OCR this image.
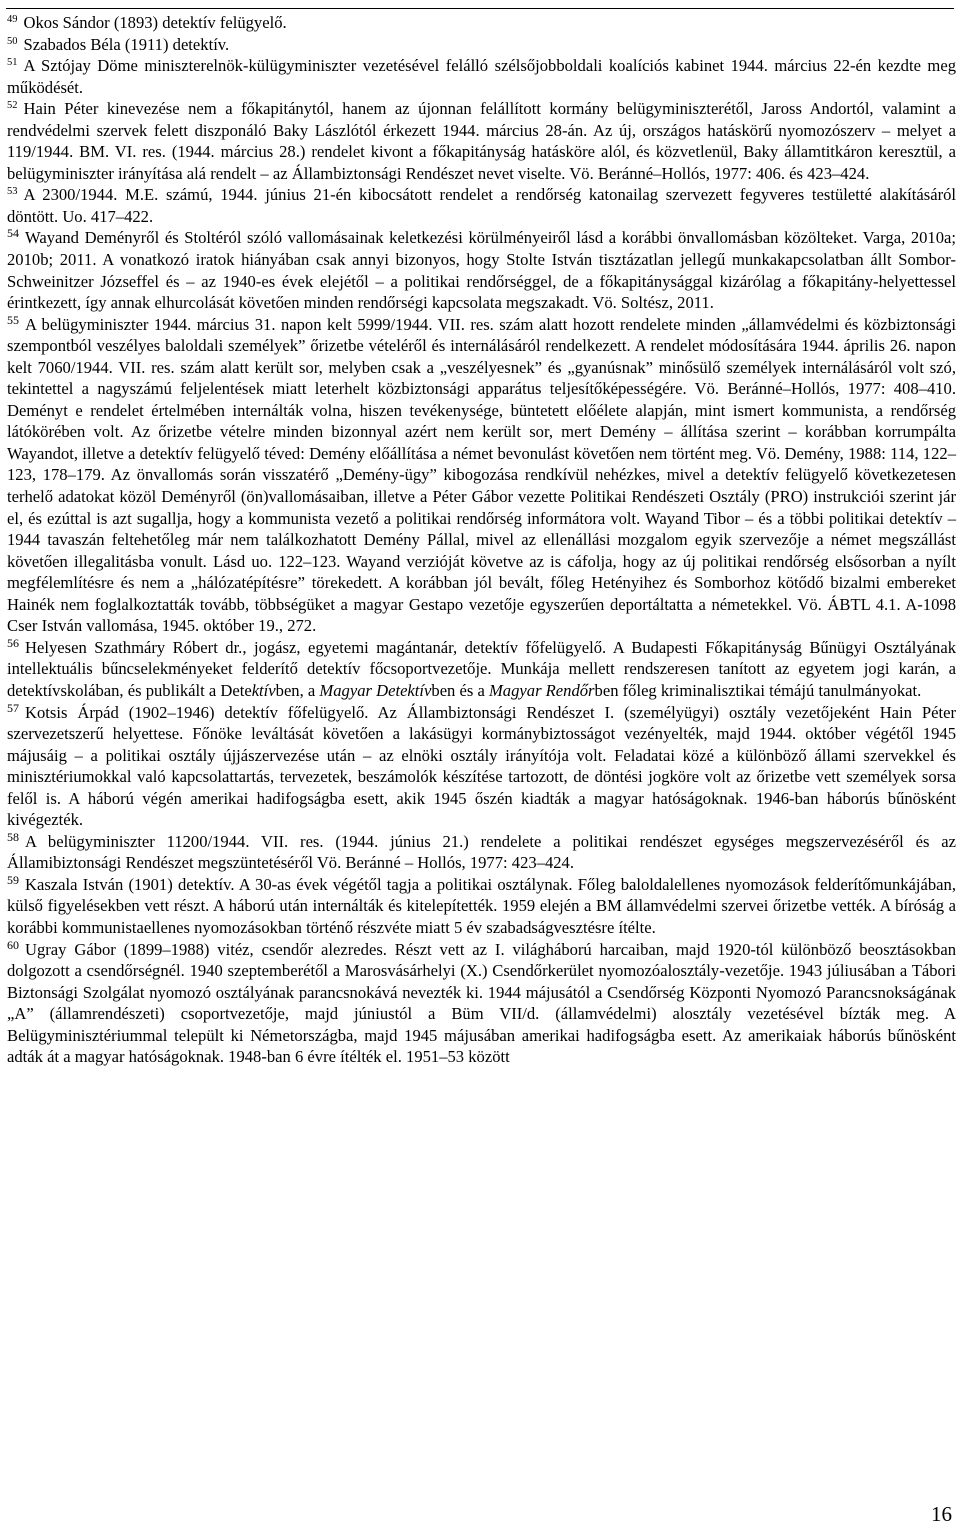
$^{49}$ Okos Sándor (1893) detektív felügyelő.

$^{50}$ Szabados Béla (1911) detektív.

$^{51}$ A Sztójay Döme miniszterelnök-külügyminiszter vezetésével felálló szélsőjobboldali koalíciós kabinet 1944. március 22-én kezdte meg működését.

$^{52}$ Hain Péter kinevezése nem a főkapitánytól, hanem az újonnan felállított kormány belügyminiszterétől, Jaross Andortól, valamint a rendvédelmi szervek felett diszponáló Baky Lászlótól érkezett 1944. március 28-án. Az új, országos hatáskörű nyomozószerv – melyet a 119/1944. BM. VI. res. (1944. március 28.) rendelet kivont a főkapitányság hatásköre alól, és közvetlenül, Baky államtitkáron keresztül, a belügyminiszter irányítása alá rendelt – az Állambiztonsági Rendészet nevet viselte. Vö. Beránné–Hollós, 1977: 406. és 423–424.

$^{53}$ A 2300/1944. M.E. számú, 1944. június 21-én kibocsátott rendelet a rendőrség katonailag szervezett fegyveres testületté alakításáról döntött. Uo. 417–422.

$^{54}$ Wayand Deményről és Stoltéról szóló vallomásainak keletkezési körülményeiről lásd a korábbi önvallomásban közölteket. Varga, 2010a; 2010b; 2011. A vonatkozó iratok hiányában csak annyi bizonyos, hogy Stolte István tisztázatlan jellegű munkakapcsolatban állt Sombor-Schweinitzer Józseffel és – az 1940-es évek elejétől – a politikai rendőrséggel, de a főkapitánysággal kizárólag a főkapitány-helyettessel érintkezett, így annak elhurcolását követően minden rendőrségi kapcsolata megszakadt. Vö. Soltész, 2011.

$^{55}$ A belügyminiszter 1944. március 31. napon kelt 5999/1944. VII. res. szám alatt hozott rendelete minden „államvédelmi és közbiztonsági szempontból veszélyes baloldali személyek” őrizetbe vételéről és internálásáról rendelkezett. A rendelet módosítására 1944. április 26. napon kelt 7060/1944. VII. res. szám alatt került sor, melyben csak a „veszélyesnek” és „gyanúsnak” minősülő személyek internálásáról volt szó, tekintettel a nagyszámú feljelentések miatt leterhelt közbiztonsági apparátus teljesítőképességére. Vö. Beránné–Hollós, 1977: 408–410. Deményt e rendelet értelmében internálták volna, hiszen tevékenysége, büntetett előélete alapján, mint ismert kommunista, a rendőrség látókörében volt. Az őrizetbe vételre minden bizonnyal azért nem került sor, mert Demény – állítása szerint – korábban korrumpálta Wayandot, illetve a detektív felügyelő téved: Demény előállítása a német bevonulást követően nem történt meg. Vö. Demény, 1988: 114, 122–123, 178–179. Az önvallomás során visszatérő „Demény-ügy” kibogozása rendkívül nehézkes, mivel a detektív felügyelő következetesen terhelő adatokat közöl Deményről (ön)vallomásaiban, illetve a Péter Gábor vezette Politikai Rendészeti Osztály (PRO) instrukciói szerint jár el, és ezúttal is azt sugallja, hogy a kommunista vezető a politikai rendőrség informátora volt. Wayand Tibor – és a többi politikai detektív – 1944 tavaszán feltehetőleg már nem találkozhatott Demény Pállal, mivel az ellenállási mozgalom egyik szervezője a német megszállást követően illegalitásba vonult. Lásd uo. 122–123. Wayand verzióját követve az is cáfolja, hogy az új politikai rendőrség elsősorban a nyílt megfélemlítésre és nem a „hálózatépítésre” törekedett. A korábban jól bevált, főleg Hetényihez és Somborhoz kötődő bizalmi embereket Hainék nem foglalkoztatták tovább, többségüket a magyar Gestapo vezetője egyszerűen deportáltatta a németekkel. Vö. ÁBTL 4.1. A-1098 Cser István vallomása, 1945. október 19., 272.

$^{56}$ Helyesen Szathmáry Róbert dr., jogász, egyetemi magántanár, detektív főfelügyelő. A Budapesti Főkapitányság Bűnügyi Osztályának intellektuális bűncselekményeket felderítő detektív főcsoportvezetője. Munkája mellett rendszeresen tanított az egyetem jogi karán, a detektívskolában, és publikált a Detektívben, a Magyar Detektívben és a Magyar Rendőrben főleg kriminalisztikai témájú tanulmányokat.

$^{57}$ Kotsis Árpád (1902–1946) detektív főfelügyelő. Az Állambiztonsági Rendészet I. (személyügyi) osztály vezetőjeként Hain Péter szervezetszerű helyettese. Főnöke leváltását követően a lakásügyi kormánybiztosságot vezényelték, majd 1944. október végétől 1945 májusáig – a politikai osztály újjászervezése után – az elnöki osztály irányítója volt. Feladatai közé a különböző állami szervekkel és minisztériumokkal való kapcsolattartás, tervezetek, beszámolók készítése tartozott, de döntési jogköre volt az őrizetbe vett személyek sorsa felől is. A háború végén amerikai hadifogságba esett, akik 1945 őszén kiadták a magyar hatóságoknak. 1946-ban háborús bűnösként kivégezték.

$^{58}$ A belügyminiszter 11200/1944. VII. res. (1944. június 21.) rendelete a politikai rendészet egységes megszervezéséről és az Államibiztonsági Rendészet megszüntetéséről Vö. Beránné – Hollós, 1977: 423–424.

$^{59}$ Kaszala István (1901) detektív. A 30-as évek végétől tagja a politikai osztálynak. Főleg baloldalellenes nyomozások felderítőmunkájában, külső figyelésekben vett részt. A háború után internálták és kitelepítették. 1959 elején a BM államvédelmi szervei őrizetbe vették. A bíróság a korábbi kommunistaellenes nyomozásokban történő részvéte miatt 5 év szabadságvesztésre ítélte.

$^{60}$ Ugray Gábor (1899–1988) vitéz, csendőr alezredes. Részt vett az I. világháború harcaiban, majd 1920-tól különböző beosztásokban dolgozott a csendőrségnél. 1940 szeptemberétől a Marosvásárhelyi (X.) Csendőrkerület nyomozóalosztály-vezetője. 1943 júliusában a Tábori Biztonsági Szolgálat nyomozó osztályának parancsnokává nevezték ki. 1944 májusától a Csendőrség Központi Nyomozó Parancsnokságának „A” (államrendészeti) csoportvezetője, majd júniustól a Büm VII/d. (államvédelmi) alosztály vezetésével bízták meg. A Belügyminisztériummal települt ki Németországba, majd 1945 májusában amerikai hadifogságba esett. Az amerikaiak háborús bűnösként adták át a magyar hatóságoknak. 1948-ban 6 évre ítélték el. 1951–53 között

16
